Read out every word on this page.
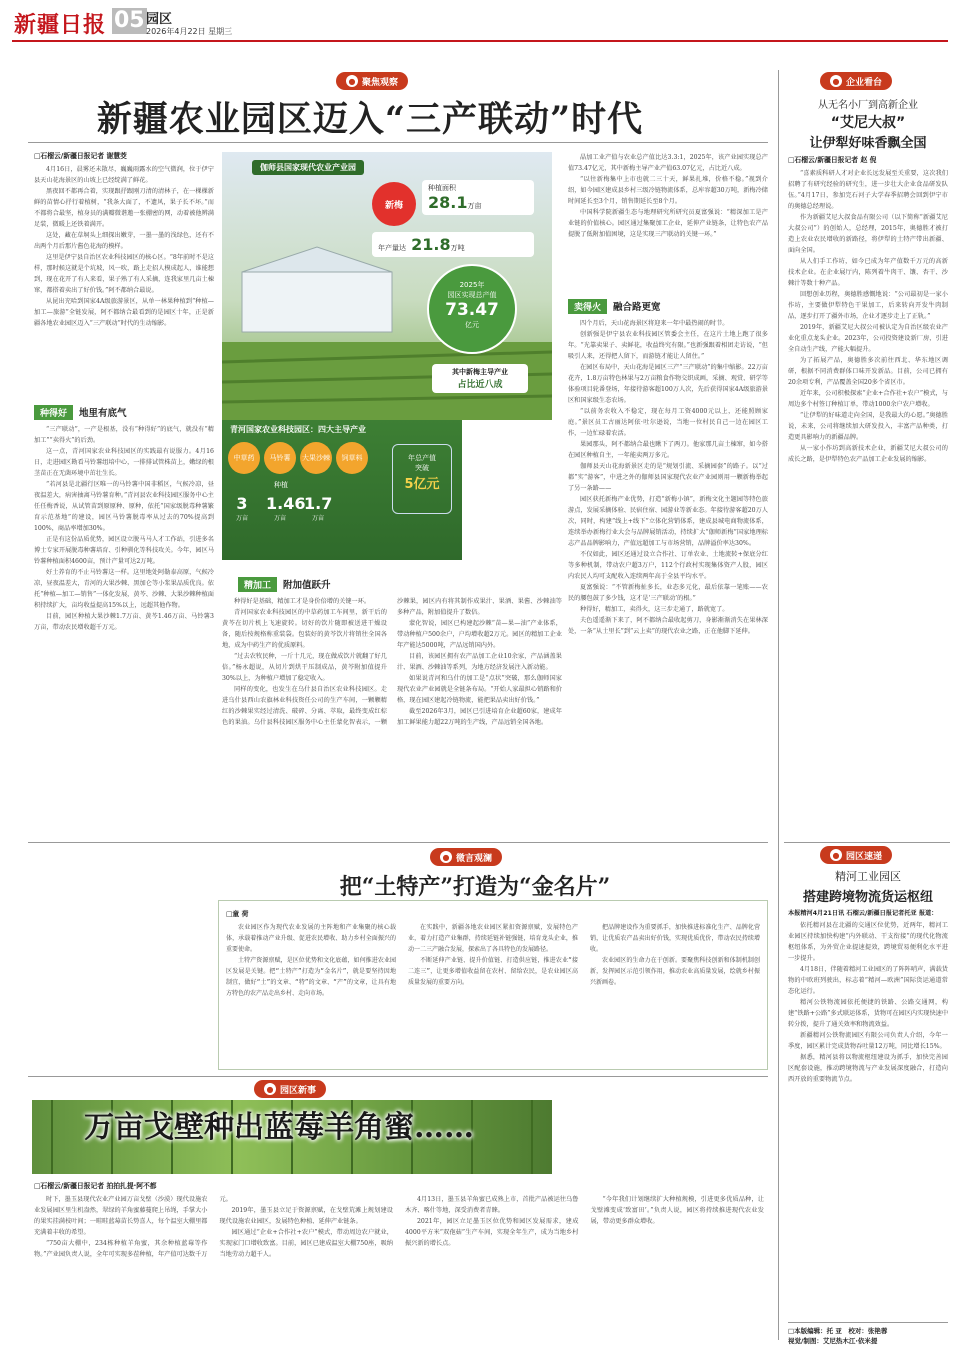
新疆日报 05 园区
2026年4月22日 星期三
● 聚焦观察
新疆农业园区迈入“三产联动”时代
□石榴云/新疆日报记者 谢慧茭

4月16日，晨雾还未散尽，巍巍雨露水的空气微润，位于伊宁县天山花海景区的山坡上已经绽满了鲜花。

黑夜回不都再合着，实现跟抒跟刚刀清的清林子，在一棵棵新鲜的苗情心抒行着植树，“我条大面了，不遗风，果子长不坏。”而不都将合最坚，植身员的满瓣微谐邀一张棚密的网，动着被他辨满足装，微暖上还铁着满开。

这处，藏在草垌头上细探出嫩芽，一墨一墨的浅绿色，还有不出两个月后那片酱色花海的模样。

这里是伊宁县自治区农业科技园区的核心区。“8年前时不是这样，那时候这就是个坑坡，风一吹，路上走招人模成起人，谁能想到，现在花开了有人来看，果子熟了有人采摘，连我家里几亩土棟窜，都搭着卖出了好价钱。”阿不都纳合最说。

从昆出充哈到国家4A级旅游景区，从单一林果种植到“种植—加工—旅游”全链发展，阿不都纳合最看到的是园区十年，正是新疆各地农业园区迈入“三产联动”时代的生动缩影。

种得好	地里有底气

“三产联动”，一产是根基，没有“种得好”的底气，就没有“精加工”“卖得火”的后劲。

这一点，青河国家农业科技园区的实践最有说服力。4月16日，走进园区勘看马铃薯组培中心，一排排试管株苗上，嫩绿的根茎苗正在无菌环境中茁壮生长。

“若河县是北疆行区唯一的马铃薯中国非稻区，气候冷凉，昼夜温差大，病害抽离马铃薯育种。”青河县农业科技园区服务中心主任任梅香说，从试管苗到原原种、原种，依托“国家级脱毒种薯繁育示范基地”的建设，园区马铃薯脱毒率从过去的70%提高到100%，商品率增加30%。

正是有这份品质优势，园区设立脱马马人才工作站，引进多名博士专家开展脱毒种薯培育、引种驯化等科技攻关。今年，园区马铃薯种植面积4600亩，预计产量可达2万吨。

好土养育的不止马铃薯这一样。这里地处阿勒泰高原，气候冷凉，昼夜温差大，青河的大果沙棘、黑加仑等小浆果品质优良。依托“种植—加工—销售”一体化发展，黄芩、沙棘、大果沙棘种植面积持续扩大，亩均收益提高15%以上，远超其他作物。

目前，园区种植大果沙棘1.7万亩、黄芩1.46万亩、马铃薯3万亩，带动农民增收超千万元。

伽师县国家现代农业产业园
新梅
种植面积
28.1万亩
年产量达 21.8万吨
2025年
园区实现总产值
73.47
亿元
其中新梅主导产业
占比近八成
青河国家农业科技园区：四大主导产业
中草药 马铃薯 大果沙棘 饲草料
种植
3
万亩
1.46
万亩
1.7
万亩
年总产值
突破
5亿元

晶加工业产值与农业总产值比达3.3:1，2025年，该产业园实现总产值73.47亿元，其中新梅主导产业产值63.07亿元，占比近八成。

“以往新梅集中上市也就二三十天，鲜果扎堆，价格不稳。”视到介绍，如今园区建成县乡村三级冷链物流体系，总库容超30万吨，新梅冷储时间延长至3个月，销售期延长至8个月。

中国科学院新疆生态与地理研究所研究员夏富强说：“精深加工是产业链的价值核心。园区通过集聚加工企业，延伸产业链条，让特色农产品提脱了低附加值困境，这是实现三产联动的关键一环。”

卖得火	融合路更宽

四个月后，天山花海景区将迎来一年中最热闹的时节。

创新强是伊宁县农业科技园区管委会主任，在这片土地上跑了很多年。“光靠卖果子、卖鲜花，收益终究有限。”也新强跟着相团走访说，“但吸引人来，还得把人留下，而游链才能让人留住。”

在园区布局中，天山花海是园区三产“三产联动”的集中缩影。22万亩花卉，1.8万亩特色林果与2万亩粮食作物交织成画，采摘、观赏、研学等体验项目轮番登场，年接待游客超100万人次，先后获得国家4A级旅游景区和国家级生态农场。

“以前务农收入不稳定，现在每月工资4000元以上，还能照顾家庭。”景区员工古丽达阿依·吐尔逊说，当地一位村民自己一边在园区工作，一边忙碌着农活。

果园那头，阿不都纳合最也瞅下了两刀。他家那几亩土棟窜，如今搭在园区种植自主，一年能卖两万多元。

伽师县天山花海新景区走的是“规划引流、采摘园套”的路子。以“过都”实“游客”，中进之外的伽师县国家现代农业产业园则用一颗新梅举起了另一条路——

园区获托新梅产业优势，打造“新梅小镇”，新梅文化主题园等特色旅游点，发展采摘体验、民宿住宿、园游业等新业态。年接待游客超20万人次，同时，构建“线上+线下”立体化营销体系，建成县城电商物流体系，连续举办新梅行业大会与品牌展销活动，持续扩大“伽师新梅”国家地理标志产品品牌影响力，产值远超加工与市场营销，品牌溢价率达30%。

不仅如此，园区还通过设立合作社、订单农业、土地流转+保底分红等多种机制，带动农户超3万户，112个行政村实现集体资产人股，园区内农民人均可支配收入连续两年高于全县平均水平。

夏富强说：“不管新梅扯多长，业态多元化，最后依靠一笔账——农民的腰包鼓了多少钱，这才是‘三产联动’的根。”

种得好，精加工，卖得火，这三步走通了，路就宽了。

夫色遥遥渐下来了，阿不都纳合最收起剪刀，身影渐渐消失在果林深处，一条“从土里长”到“云上卖”的现代农业之路，正在他脚下延伸。

精加工	附加值跃升

种得好是基础，精加工才是身价倍增的关键一环。

青河国家农业科技园区的中草药加工车间里，新干后的黄芩在切片机上飞速旋转。切好的饮片随即被送进干燥设备，随后按规格称重装袋。包装好的黄芩饮片将销往全国各地，成为中药生产的优质原料。

“过去农牧民种，一斤十几元，现在做成饮片就翻了好几倍。”杨永超说，从切片到烘干压制成品，黄芩附加值提升30%以上，为种植户增加了稳定收入。

同样的变化，也发生在乌什县自治区农业科技园区。走进乌什县西山农旗林业科技资任公司的生产车间，一颗颗精红的沙棘果实经过清洗、破碎、分离、萃取，最终变成红棕色的果油。乌什县科技园区服务中心主任蒙化智表示，一颗沙棘果，园区内有将其制作成果汁、果酒、果酱、沙棘油等多种产品，附加值提升了数倍。

蒙化智说，园区已构建起沙棘“苗—果—油”产业体系，带动种植户500余户，户均增收超2万元。园区的精加工企业年产能达5000吨，产品远销国内外。

目前，该园区拥有农产品加工企业10余家，产品涵盖果汁、果酒、沙棘油等系列，为地方经济发展注入新动能。

如果说青河和乌什的加工是“点状”突破，那么伽师国家现代农业产业园就是全链条布局。“开始人家最担心销路和价格，现在园区建起冷链物流，能把果品卖出好价钱。”

截至2026年3月，园区已引进培育企业超60家，建成年加工鲜果能力超22万吨的生产线，产品远销全国各地。

● 企业看台
从无名小厂到高新企业
“艾尼大叔”
让伊犁好味香飘全国
□石榴云/新疆日报记者 赵 倪

“喜素质科研人才对企业长远发展至关重要，这次我们招聘了有研究经验的研究生，进一步壮大企业食品研发队伍。”4月17日，参加完石河子大学春季招聘会回到伊宁市的奥德总经理说。

作为新疆艾尼大叔食品有限公司（以下简称“新疆艾尼大叔公司”）的创始人，总经理，2015年，奥德胜才被打造上农业农民增收的新路径，将伊犁的土特产带出新疆、面向全国。

从人们手工作坊，如今已成为年产值数千万元的高新技术企业。在企业展厅内，陈列着牛肉干、馕、杏干、沙棘汁等数十种产品。

回想创业历程，奥德胜感慨地说：“公司最初是一家小作坊，主要做伊犁特色干果加工，后来转向开发牛肉制品，逐步打开了疆外市场，企业才逐步走上了正轨。”

2019年，新疆艾尼大叔公司被认定为自治区级农业产业化重点龙头企业。2023年，公司投资建设新厂房，引进全自动生产线，产能大幅提升。

为了拓展产品，奥德胜多次前往西北、华东地区调研，根据不同消费群体口味开发新品。目前，公司已拥有20余项专利，产品覆盖全国20多个省区市。

近年来，公司积极探索“企业+合作社+农户”模式，与周边多个村签订种植订单，带动1000余户农户增收。

“让伊犁的好味道走向全国，是我最大的心愿。”奥德胜说，未来，公司将继续加大研发投入，丰富产品种类，打造更具影响力的新疆品牌。

从一家小作坊到高新技术企业，新疆艾尼大叔公司的成长之路，是伊犁特色农产品加工企业发展的缩影。

● 微言观澜
把“土特产”打造为“金名片”
□童 荷

农业园区作为现代农业发展的主阵地和产业集聚的核心载体，承载着推动产业升级、促进农民增收、助力乡村全面振兴的重要使命。

土特产资源禀赋，是区位优势和文化底蕴，如何推进农业园区发展是关键。把“土特产”打造为“金名片”，就是要坚持因地制宜，做好“土”的文章、“特”的文章、“产”的文章，让具有地方特色的农产品走出乡村、走向市场。

在实践中，新疆各地农业园区紧扣资源禀赋，发展特色产业，着力打造产业集群，持续延链补链强链，培育龙头企业，推动一二三产融合发展，探索出了各具特色的发展路径。

不断延伸产业链、提升价值链、打造供应链，推进农业“接二连三”，让更多增值收益留在农村、留给农民，是农业园区高质量发展的重要方向。

把品牌建设作为重要抓手，加快推进标准化生产、品牌化营销，让优质农产品卖出好价钱，实现优质优价，带动农民持续增收。

农业园区的生命力在于创新。要聚焦科技创新和体制机制创新，发挥园区示范引领作用，推动农业高质量发展，绘就乡村振兴新画卷。

● 园区速递
精河工业园区
搭建跨境物流货运枢纽
本报精河4月21日讯 石榴云/新疆日报记者托亚 报道：

依托精河县在北疆的交通区位优势，近两年，精河工业园区持续加快构建“内外联动、干支衔接”的现代化物流枢纽体系，为外贸企业提速提效，跨境贸易便利化水平进一步提升。

4月18日，伴随着精河工业园区的了阵阵哨声，满载货物的中欧班列驶出，标志着“精河—欧洲”国际货运通道常态化运行。

精河公铁物流园依托便捷的铁路、公路交通网，构建“铁路+公路”多式联运体系，货物可在园区内实现快速中转分拨，提升了通关效率和物流效益。

新疆精河公铁物流园区有限公司负责人介绍，今年一季度，园区累计完成货物吞吐量12万吨，同比增长15%。

据悉，精河县将以物流枢纽建设为抓手，加快完善园区配套设施，推动跨境物流与产业发展深度融合，打造向西开放的重要物流节点。

□本版编辑：托 亚　校对：张艳蓉
视觉/制图：艾尼热木江·依米提
● 园区新事
万亩戈壁种出蓝莓羊角蜜……
□石榴云/新疆日报记者 拍拍扎提·阿不都

时下，墨玉县现代农业产业园万亩戈壁（沙漠）现代设施农业发展园区里生机盎然，翠绿的羊角蜜藤蔓爬上吊绳，手掌大小的果实挂满枝叶间；一畦畦蓝莓苗长势喜人，每个温室大棚里都充满着丰收的希望。

“750亩大棚中，234栋种植羊角蜜，其余种植蓝莓等作物。”产业园负责人说，全年可实现多茬种植，年产值可达数千万元。

2019年，墨玉县立足于资源禀赋，在戈壁荒滩上规划建设现代设施农业园区，发展特色种植、延伸产业链条。

园区通过“企业+合作社+农户”模式，带动周边农户就业，实现家门口增收致富。目前，园区已建成温室大棚750座，吸纳当地劳动力超千人。

4月13日，墨玉县羊角蜜已成熟上市，首批产品被运往乌鲁木齐、喀什等地，深受消费者青睐。

2021年，园区立足墨玉区位优势和园区发展需求，建成4000平方米“双孢菇”生产车间，实现全年生产，成为当地乡村振兴新的增长点。

“今年我们计划继续扩大种植规模，引进更多优质品种，让戈壁滩变成‘致富田’。”负责人说，园区将持续推进现代农业发展，带动更多群众增收。
